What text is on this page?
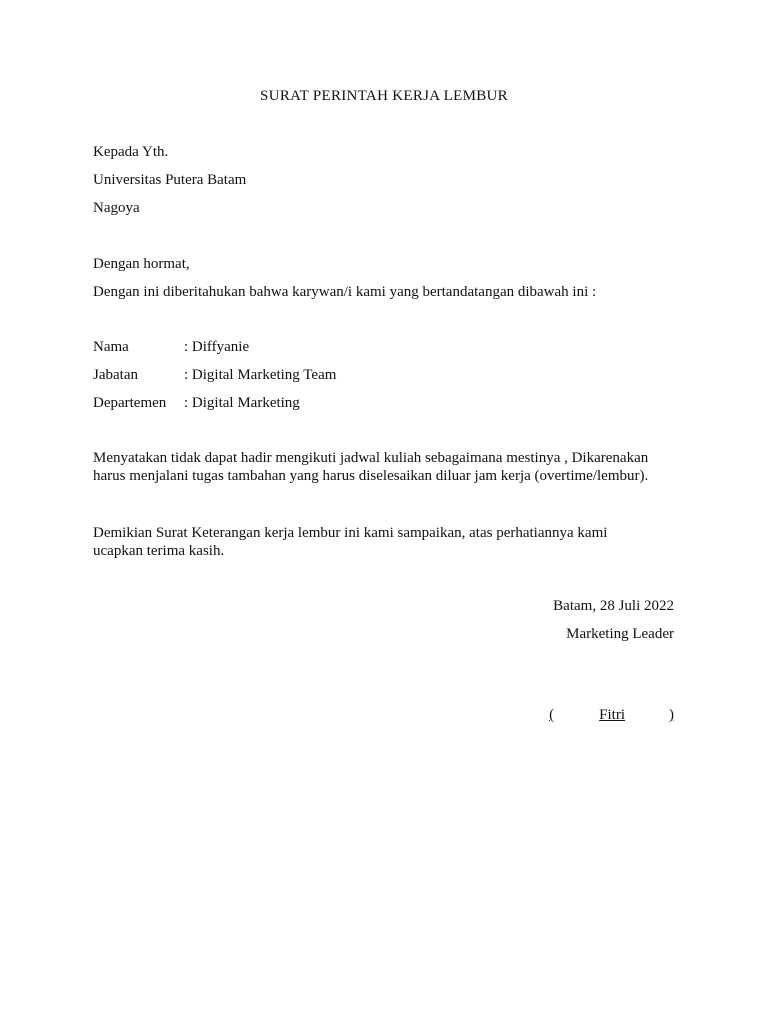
SURAT PERINTAH KERJA LEMBUR
Kepada Yth.
Universitas Putera Batam
Nagoya
Dengan hormat,
Dengan ini diberitahukan bahwa karywan/i kami yang bertandatangan dibawah ini :
Nama	: Diffyanie
Jabatan	: Digital Marketing Team
Departemen : Digital Marketing
Menyatakan tidak dapat hadir mengikuti jadwal kuliah sebagaimana mestinya , Dikarenakan
harus menjalani tugas tambahan yang harus diselesaikan diluar jam kerja (overtime/lembur).
Demikian Surat Keterangan kerja lembur ini kami sampaikan, atas perhatiannya kami
ucapkan terima kasih.
Batam, 28 Juli 2022
Marketing Leader
(	Fitri	)
